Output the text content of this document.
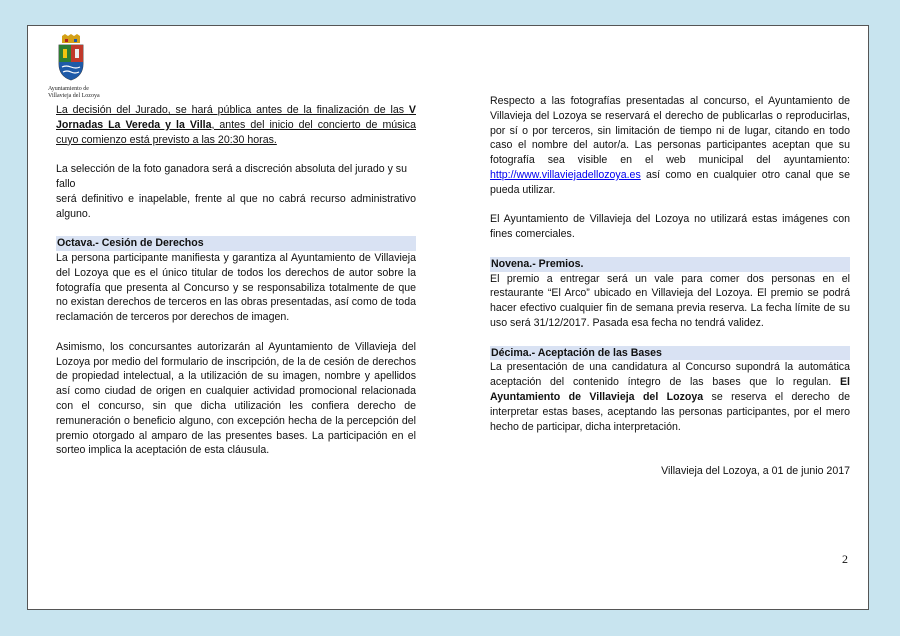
Ayuntamiento de
Villavieja del Lozoya

La decisión del Jurado, se hará pública antes de la finalización de las V Jornadas La Vereda y la Villa, antes del inicio del concierto de música cuyo comienzo está previsto a las 20:30 horas.

La selección de la foto ganadora será a discreción absoluta del jurado y su fallo

será definitivo e inapelable, frente al que no cabrá recurso administrativo alguno.

Octava.- Cesión de Derechos

La persona participante manifiesta y garantiza al Ayuntamiento de Villavieja del Lozoya que es el único titular de todos los derechos de autor sobre la fotografía que presenta al Concurso y se responsabiliza totalmente de que no existan derechos de terceros en las obras presentadas, así como de toda reclamación de terceros por derechos de imagen.

Asimismo, los concursantes autorizarán al Ayuntamiento de Villavieja del Lozoya por medio del formulario de inscripción, de la de cesión de derechos de propiedad intelectual, a la utilización de su imagen, nombre y apellidos así como ciudad de origen en cualquier actividad promocional relacionada con el concurso, sin que dicha utilización les confiera derecho de remuneración o beneficio alguno, con excepción hecha de la percepción del premio otorgado al amparo de las presentes bases. La participación en el sorteo implica la aceptación de esta cláusula.

Respecto a las fotografías presentadas al concurso, el Ayuntamiento de Villavieja del Lozoya se reservará el derecho de publicarlas o reproducirlas, por sí o por terceros, sin limitación de tiempo ni de lugar, citando en todo caso el nombre del autor/a. Las personas participantes aceptan que su fotografía sea visible en el web municipal del ayuntamiento: http://www.villaviejadellozoya.es así como en cualquier otro canal que se pueda utilizar.

El Ayuntamiento de Villavieja del Lozoya no utilizará estas imágenes con fines comerciales.

Novena.- Premios.

El premio a entregar será un vale para comer dos personas en el restaurante “El Arco” ubicado en Villavieja del Lozoya. El premio se podrá hacer efectivo cualquier fin de semana previa reserva. La fecha límite de su uso será 31/12/2017. Pasada esa fecha no tendrá validez.

Décima.- Aceptación de las Bases

La presentación de una candidatura al Concurso supondrá la automática aceptación del contenido íntegro de las bases que lo regulan. El Ayuntamiento de Villavieja del Lozoya se reserva el derecho de interpretar estas bases, aceptando las personas participantes, por el mero hecho de participar, dicha interpretación.

Villavieja del Lozoya, a 01 de junio 2017

2
